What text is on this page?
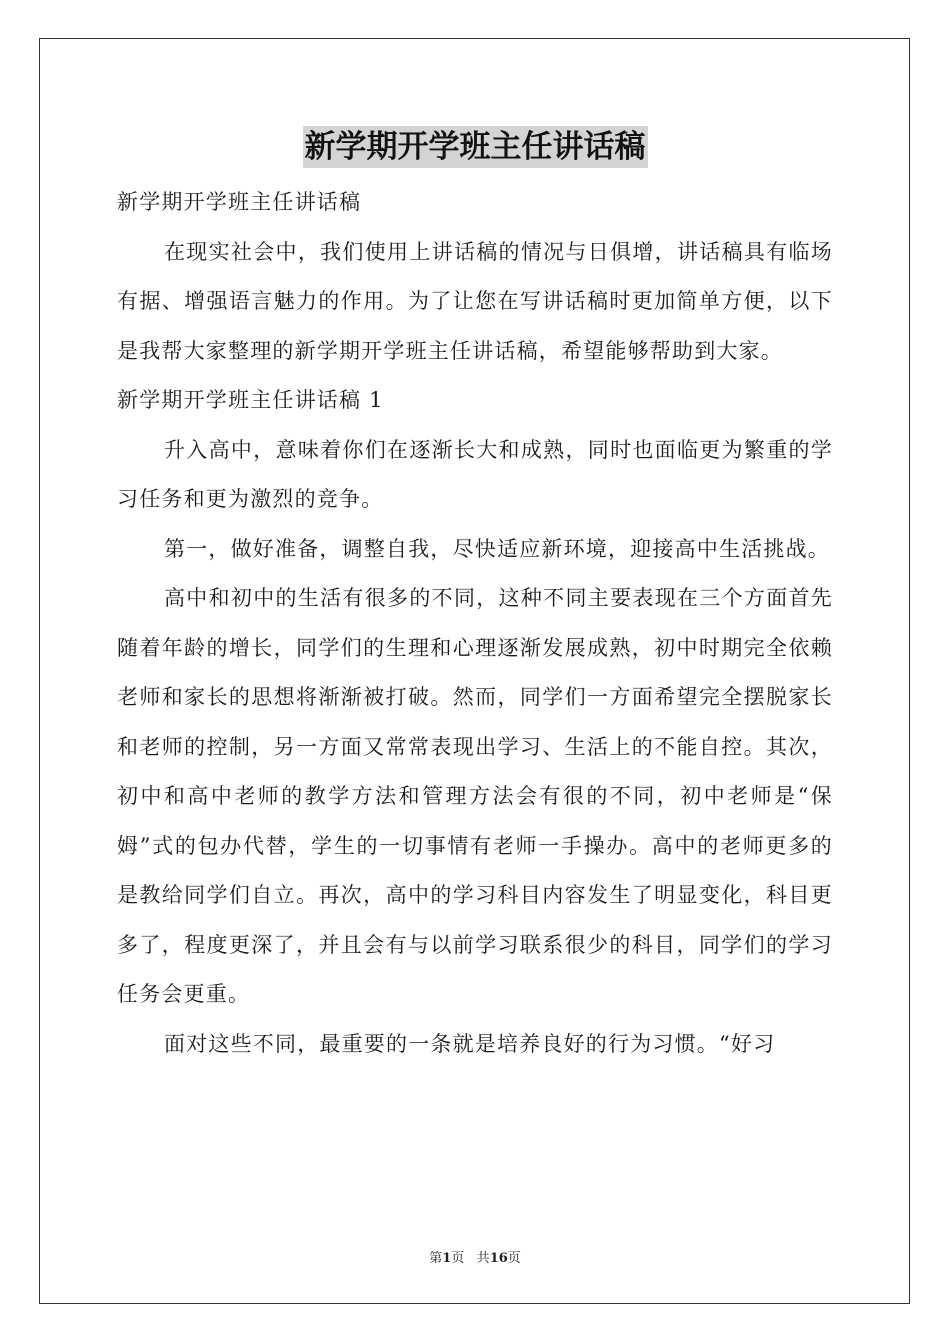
新学期开学班主任讲话稿

新学期开学班主任讲话稿

在现实社会中，我们使用上讲话稿的情况与日俱增，讲话稿具有临场有据、增强语言魅力的作用。为了让您在写讲话稿时更加简单方便，以下是我帮大家整理的新学期开学班主任讲话稿，希望能够帮助到大家。

新学期开学班主任讲话稿 1

升入高中，意味着你们在逐渐长大和成熟，同时也面临更为繁重的学习任务和更为激烈的竞争。

第一，做好准备，调整自我，尽快适应新环境，迎接高中生活挑战。

高中和初中的生活有很多的不同，这种不同主要表现在三个方面首先随着年龄的增长，同学们的生理和心理逐渐发展成熟，初中时期完全依赖老师和家长的思想将渐渐被打破。然而，同学们一方面希望完全摆脱家长和老师的控制，另一方面又常常表现出学习、生活上的不能自控。其次，初中和高中老师的教学方法和管理方法会有很的不同，初中老师是“保姆”式的包办代替，学生的一切事情有老师一手操办。高中的老师更多的是教给同学们自立。再次，高中的学习科目内容发生了明显变化，科目更多了，程度更深了，并且会有与以前学习联系很少的科目，同学们的学习任务会更重。

面对这些不同，最重要的一条就是培养良好的行为习惯。“好习

第1页 共16页
